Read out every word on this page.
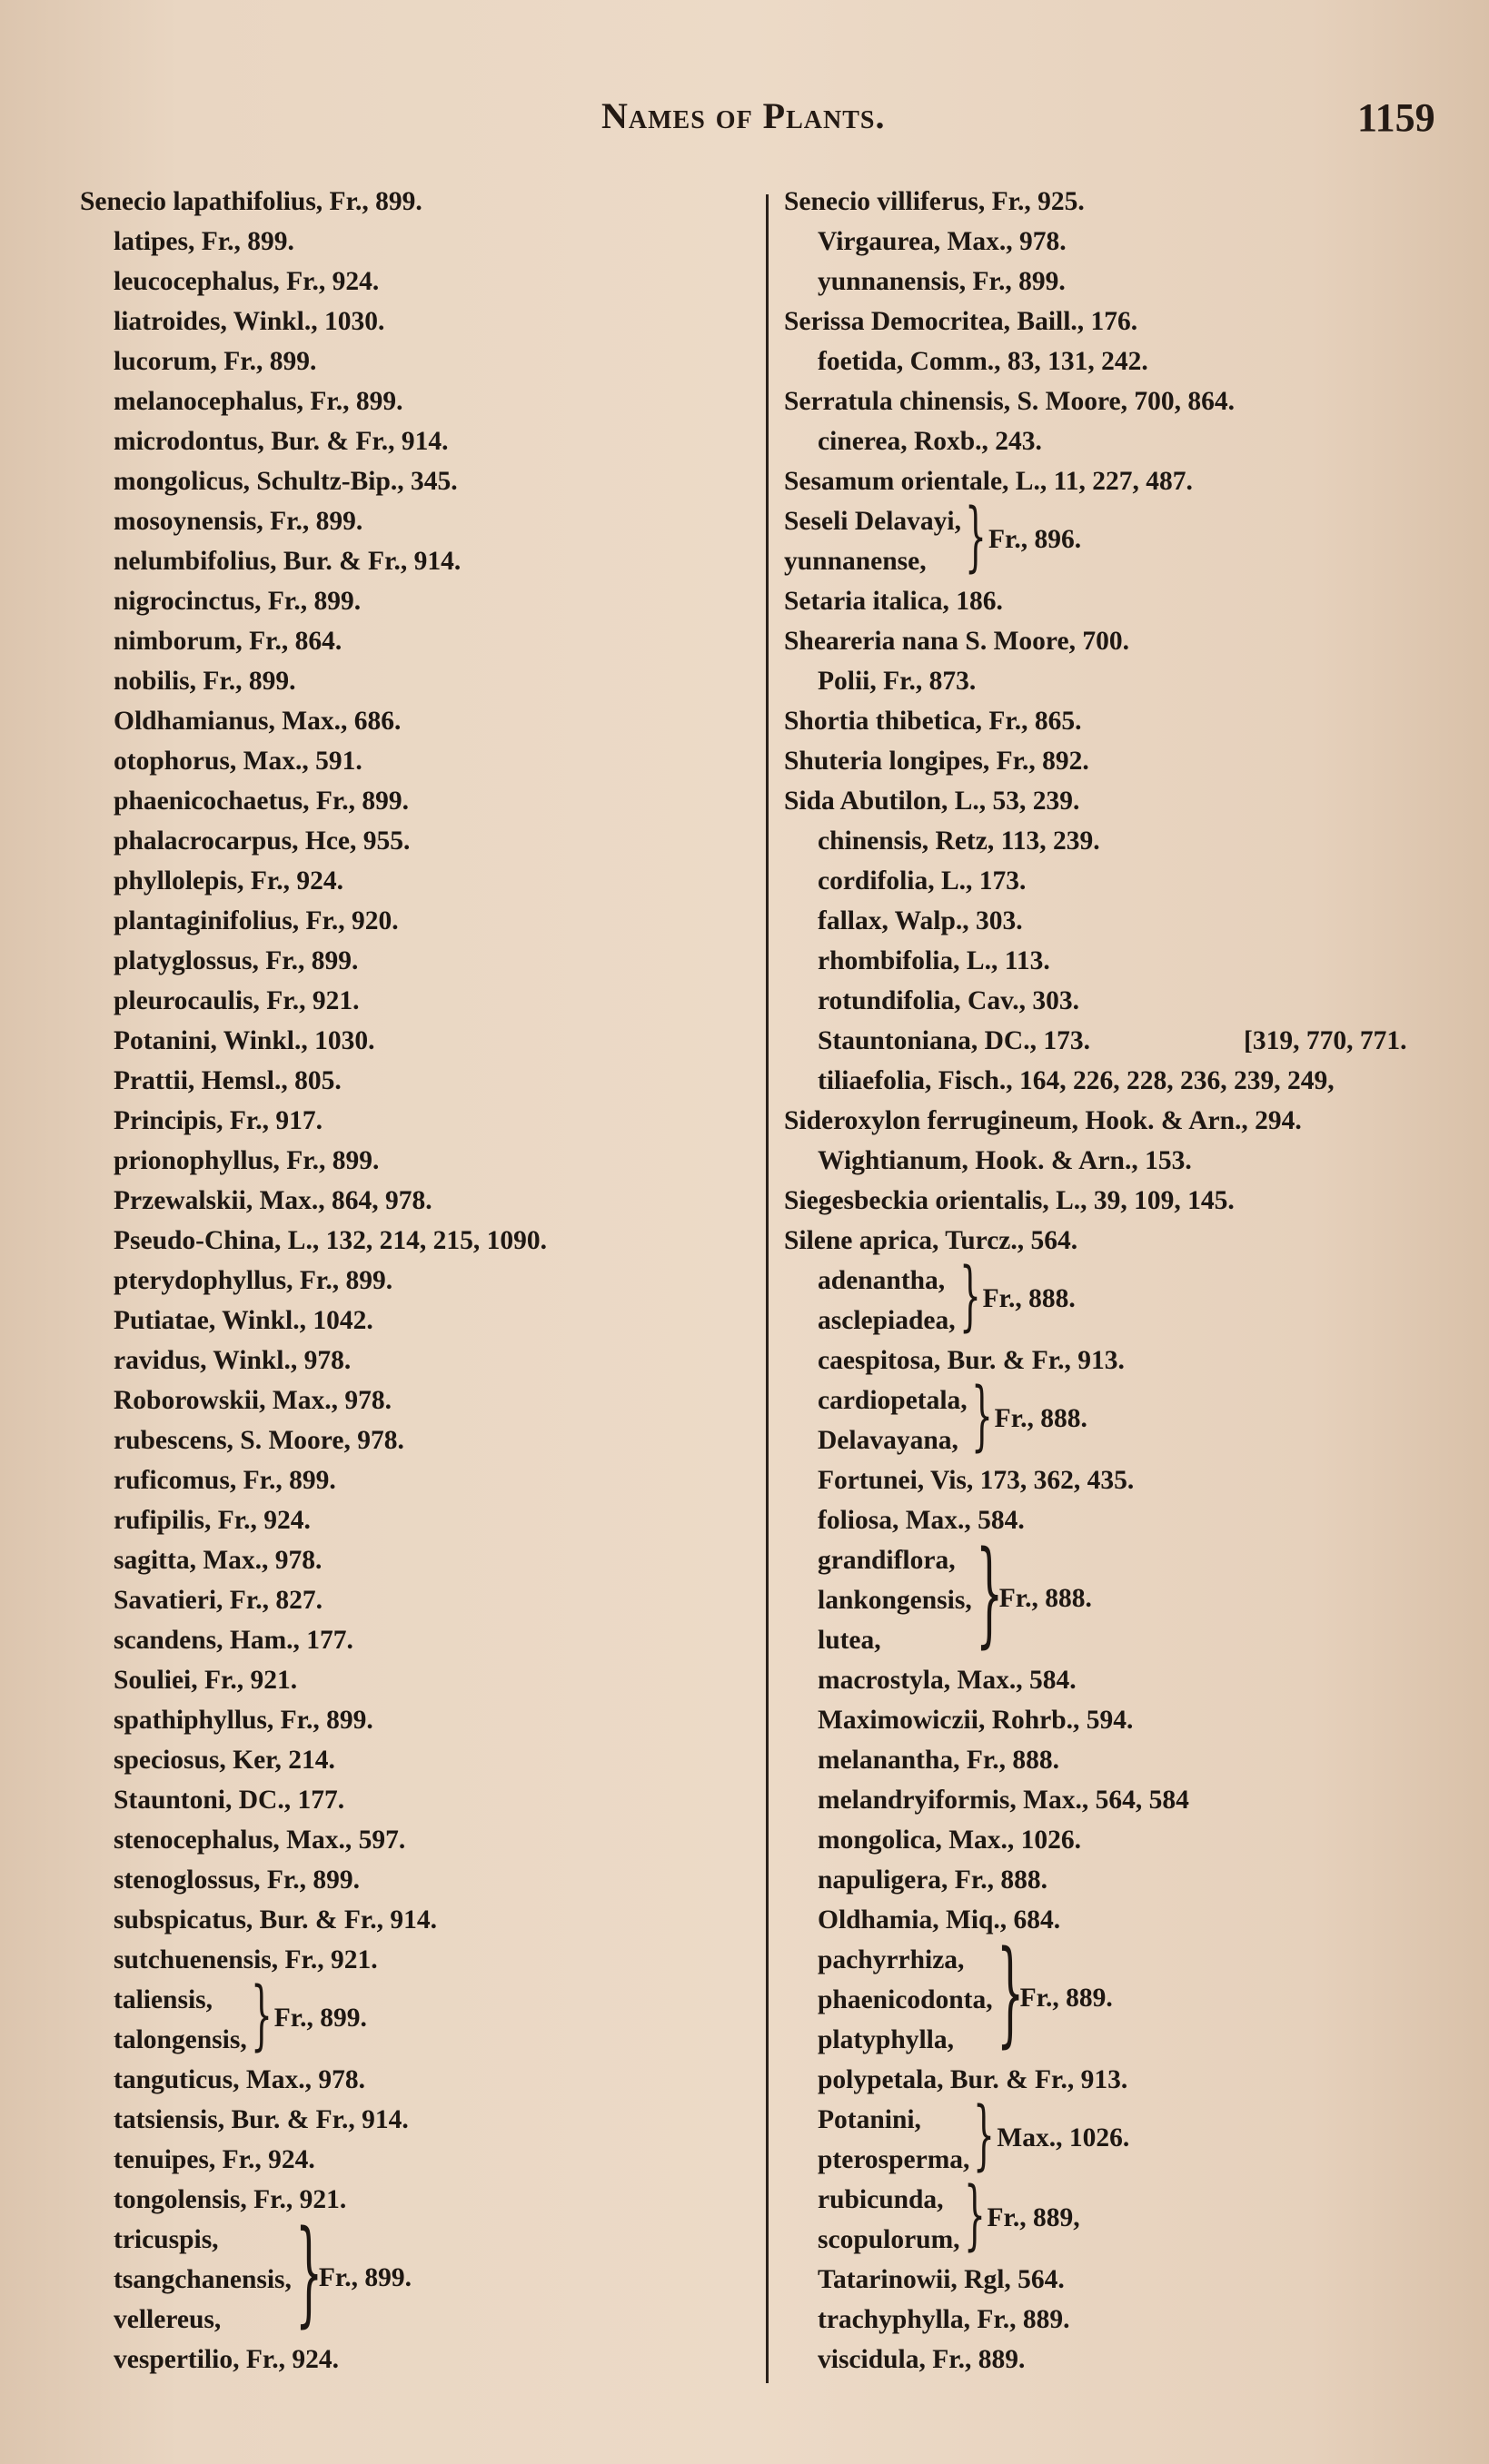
Names of Plants.	1159
Senecio lapathifolius, Fr., 899.
latipes, Fr., 899.
leucocephalus, Fr., 924.
liatroides, Winkl., 1030.
lucorum, Fr., 899.
melanocephalus, Fr., 899.
microdontus, Bur. & Fr., 914.
mongolicus, Schultz-Bip., 345.
mosoynensis, Fr., 899.
nelumbifolius, Bur. & Fr., 914.
nigrocinctus, Fr., 899.
nimborum, Fr., 864.
nobilis, Fr., 899.
Oldhamianus, Max., 686.
otophorus, Max., 591.
phaenicochaetus, Fr., 899.
phalacrocarpus, Hce, 955.
phyllolepis, Fr., 924.
plantaginifolius, Fr., 920.
platyglossus, Fr., 899.
pleurocaulis, Fr., 921.
Potanini, Winkl., 1030.
Prattii, Hemsl., 805.
Principis, Fr., 917.
prionophyllus, Fr., 899.
Przewalskii, Max., 864, 978.
Pseudo-China, L., 132, 214, 215, 1090.
pterydophyllus, Fr., 899.
Putiatae, Winkl., 1042.
ravidus, Winkl., 978.
Roborowskii, Max., 978.
rubescens, S. Moore, 978.
ruficomus, Fr., 899.
rufipilis, Fr., 924.
sagitta, Max., 978.
Savatieri, Fr., 827.
scandens, Ham., 177.
Souliei, Fr., 921.
spathiphyllus, Fr., 899.
speciosus, Ker, 214.
Stauntoni, DC., 177.
stenocephalus, Max., 597.
stenoglossus, Fr., 899.
subspicatus, Bur. & Fr., 914.
sutchuenensis, Fr., 921.
taliensis,
talongensis, } Fr., 899.
tanguticus, Max., 978.
tatsiensis, Bur. & Fr., 914.
tenuipes, Fr., 924.
tongolensis, Fr., 921.
tricuspis,
tsangchanensis,
vellereus, }
Fr., 899.
vespertilio, Fr., 924.
Senecio villiferus, Fr., 925.
Virgaurea, Max., 978.
yunnanensis, Fr., 899.
Serissa Democritea, Baill., 176.
foetida, Comm., 83, 131, 242.
Serratula chinensis, S. Moore, 700, 864.
cinerea, Roxb., 243.
Sesamum orientale, L., 11, 227, 487.
Seseli Delavayi,
yunnanense, } Fr., 896.
Setaria italica, 186.
Sheareria nana S. Moore, 700.
Polii, Fr., 873.
Shortia thibetica, Fr., 865.
Shuteria longipes, Fr., 892.
Sida Abutilon, L., 53, 239.
chinensis, Retz, 113, 239.
cordifolia, L., 173.
fallax, Walp., 303.
rhombifolia, L., 113.
rotundifolia, Cav., 303.
Stauntoniana, DC., 173.	[319, 770, 771.
tiliaefolia, Fisch., 164, 226, 228, 236, 239, 249,
Sideroxylon ferrugineum, Hook. & Arn., 294.
Wightianum, Hook. & Arn., 153.
Siegesbeckia orientalis, L., 39, 109, 145.
Silene aprica, Turcz., 564.
adenantha,
asclepiadea, } Fr., 888.
caespitosa, Bur. & Fr., 913.
cardiopetala,
Delavayana, } Fr., 888.
Fortunei, Vis, 173, 362, 435.
foliosa, Max., 584.
grandiflora,
lankongensis,
lutea, }
Fr., 888.
macrostyla, Max., 584.
Maximowiczii, Rohrb., 594.
melanantha, Fr., 888.
melandryiformis, Max., 564, 584
mongolica, Max., 1026.
napuligera, Fr., 888.
Oldhamia, Miq., 684.
pachyrrhiza,
phaenicodonta,
platyphylla, }
Fr., 889.
polypetala, Bur. & Fr., 913.
Potanini,
pterosperma, } Max., 1026.
rubicunda,
scopulorum, } Fr., 889,
Tatarinowii, Rgl, 564.
trachyphylla, Fr., 889.
viscidula, Fr., 889.
